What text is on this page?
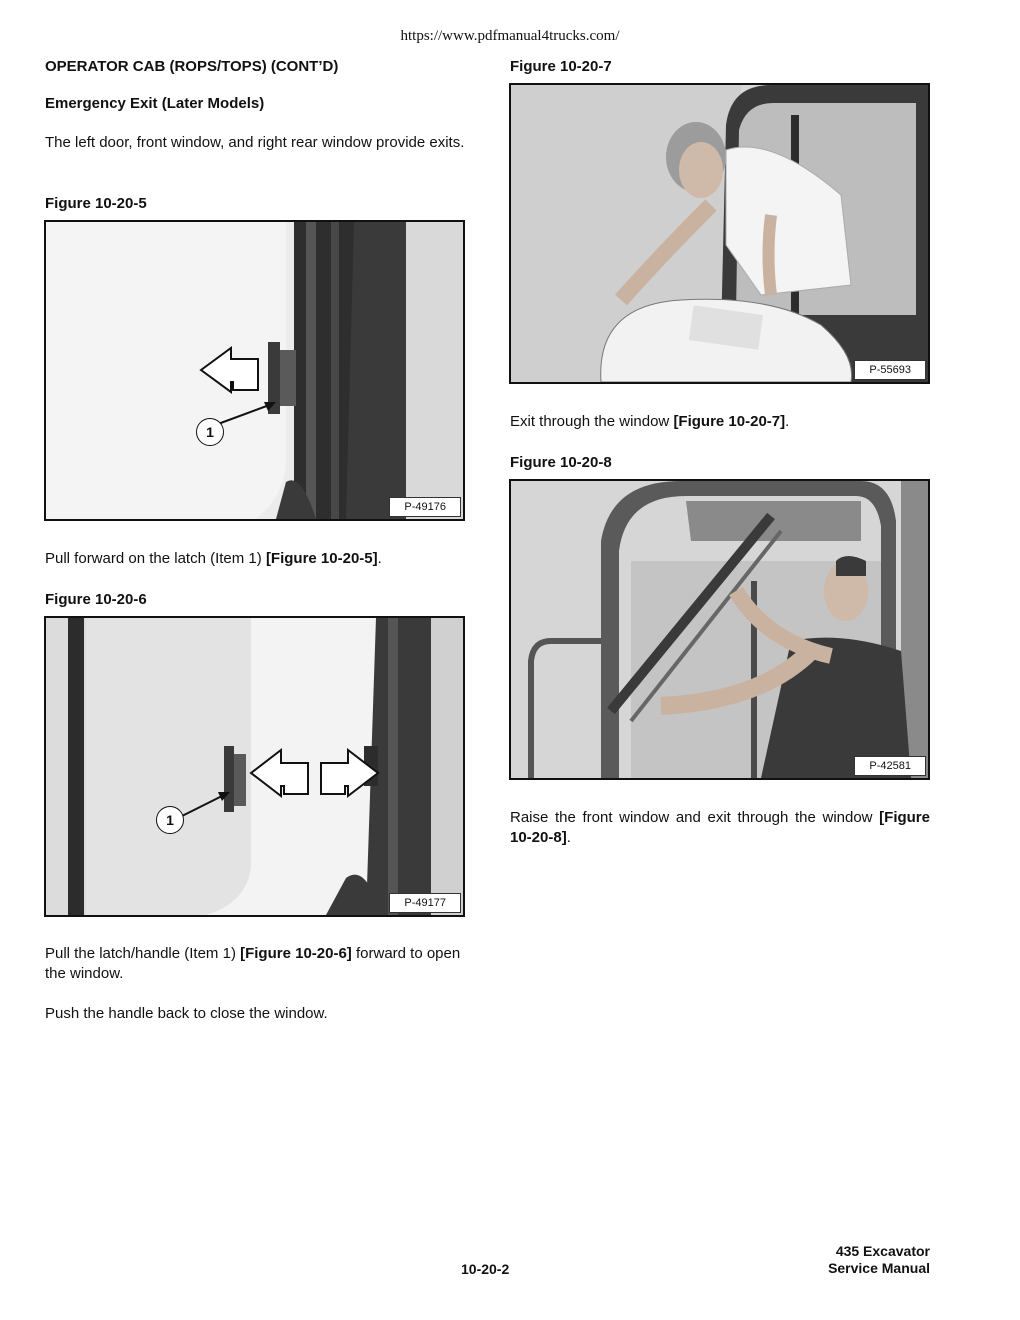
https://www.pdfmanual4trucks.com/
OPERATOR CAB (ROPS/TOPS) (CONT’D)
Emergency Exit (Later Models)
The left door, front window, and right rear window provide exits.
Figure 10-20-5
1
P-49176
Pull forward on the latch (Item 1) [Figure 10-20-5].
Figure 10-20-6
1
P-49177
Pull the latch/handle (Item 1) [Figure 10-20-6] forward to open the window.
Push the handle back to close the window.
Figure 10-20-7
P-55693
Exit through the window [Figure 10-20-7].
Figure 10-20-8
P-42581
Raise the front window and exit through the window [Figure 10-20-8].
10-20-2
435 Excavator
Service Manual
